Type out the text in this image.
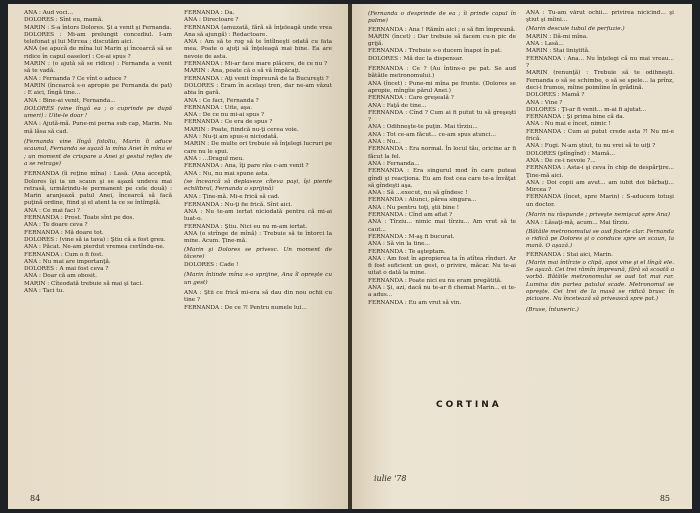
ANA : Aud voci...

DOLORES : Sînt eu, mamă.

MARIN : S-a întors Dolores. Şi a venit şi Fernanda.

DOLORES : Mi-am prelungit concediul. I-am telefonat şi lui Mircea ; discutăm aici.

ANA (se apucă de mîna lui Marin şi încearcă să se ridice în capul oaselor) : Ce-ai spus ?

MARIN : (o ajută să se ridice) : Fernanda a venit să te vadă.

ANA : Fernanda ? Ce vînt o aduce ?

MARIN (încearcă s-o apropie pe Fernanda de pat) : E aici, lîngă tine...

ANA : Bine-ai venit, Fernanda...

DOLORES (vine lîngă ea ; o cuprinde pe după umeri) : Uite-le doar !

ANA : Ajută-mă. Pune-mi perna sub cap, Marin. Nu mă lăsa să cad.

(Fernanda vine lîngă fotoliu, Marin îi aduce scaunul, Fernanda se aşază la mîna Anei în mîna ei ; un moment de crispare a Anei şi gestul reflex de a se retrage)

FERNANDA (îi reţine mîna) : Lasă. (Ana acceptă, Dolores îşi ia un scaun şi se aşază undeva mai retrasă, urmărindu-le permanent pe cele două) : Marin aranjează patul Anei, încearcă să facă puţină ordine, fiind şi el atent la ce se întîmplă.

ANA : Ce mai faci ?

FERNANDA : Prost. Toate sînt pe dos.

ANA : Te doare ceva ?

FERNANDA : Mă doare tot.

DOLORES : (vine să ia tava) : Ştiu că a fost greu.

ANA : Păcat. Ne-am pierdut vremea certîndu-ne.

FERNANDA : Cum o fi fost.

ANA : Nu mai are importanţă.

DOLORES : A mai fost ceva ?

ANA : Doar că am obosit.

MARIN : Cîteodată trebuie să mai şi taci.

ANA : Taci tu.

FERNANDA : Da.

ANA : Directoare ?

FERNANDA (amuzată, fără să înţeleagă unde vrea Ana să ajungă) : Redactoare.

ANA : Am să te rog să te întîlneşti odată cu fata mea. Poate o ajuţi să înţeleagă mai bine. Ea are nevoie de asta.

FERNANDA : Mi-ar face mare plăcere, de ce nu ?

MARIN : Ana, poate că o să vă împăcaţi.

FERNANDA : Aţi venit împreună de la Bucureşti ?

DOLORES : Eram în acelaşi tren, dar ne-am văzut abia în gară.

ANA : Ce faci, Fernanda ?

FERNANDA : Uite, aşa.

ANA : De ce nu mi-ai spus ?

FERNANDA : Ce era de spus ?

MARIN : Poate, fiindcă nu-ţi cerea voie.

ANA : Nu-ţi am spus-o niciodată.

MARIN : De multe ori trebuie să înţelegi lucruri pe care nu le spui.

ANA : ...Dragul meu.

FERNANDA : Ana, îţi pare rău c-am venit ?

ANA : Nu, nu mai spune asta.

(se încearcă să deplaseze cîteva paşi, îşi pierde echilibrul, Fernanda o sprijină)

ANA : Ţine-mă. Mi-e frică să cad.

FERNANDA : Nu-ţi fie frică. Sînt aici.

ANA : Nu te-am iertat niciodată pentru că mi-ai luat-o.

FERNANDA : Ştiu. Nici eu nu m-am iertat.

ANA (o strînge de mînă) : Trebuie să te întorci la mine. Acum. Ţine-mă.

(Marin şi Dolores se privesc. Un moment de tăcere)

DOLORES : Cade !

(Marin întinde mîna s-o sprijine, Ana îl opreşte cu un gest)

ANA : Ştii ce frică mi-era să dau din nou ochii cu tine ?

FERNANDA : De ce ?! Pentru numele lui...

84

(Fernanda o desprinde de ea ; îi prinde capul în palme)

FERNANDA : Ana ! Rămîn aici ; o să fim împreună.

MARIN (încet) : Dar trebuie să facem cu-n pic de grijă.

FERNANDA : Trebuie s-o ducem înapoi în pat.

DOLORES : Mă duc la dispensar.

FERNANDA : Ce ? (Au întins-o pe pat. Se aud bătăile metronomului.)

ANA (încet) : Pune-mi mîna pe frunte. (Dolores se apropie, mîngîie părul Anei.)

FERNANDA : Care greşeală ?

ANA : Faţă de tine...

FERNANDA : Cînd ? Cum ai fi putut tu să greşeşti ?

ANA : Odihneşte-te puţin. Mai tîrziu...

ANA : Tot ce-am făcut... ce-am spus atunci...

ANA : Nu...

FERNANDA : Era normal. În locul tău, oricine ar fi făcut la fel.

ANA : Fernanda...

FERNANDA : Era singurul mod în care puteai gîndi şi reacţiona. Eu am fost cea care te-a învăţat să gîndeşti aşa.

ANA : Să ...execut, nu să gîndesc !

FERNANDA : Atunci, părea singura...

ANA : Nu pentru toţi, ştii bine !

FERNANDA : Cînd am aflat ?

ANA : Tîrziu... nimic mai tîrziu... Am vrut să te caut...

FERNANDA : M-aş fi bucurat.

ANA : Să vin la tine...

FERNANDA : Te aşteptam.

ANA : Am fost în apropierea ta în atîtea rînduri. Ar fi fost suficient un gest, o privire, măcar. Nu te-ai uitat o dată la mine.

FERNANDA : Poate nici eu nu eram pregătită.

ANA : Şi, azi, dacă nu te-ar fi chemat Marin... ei te-a adus...

FERNANDA : Eu am vrut să vin.

ANA : Tu-am vărut ochii... privirea nicicînd... şi ştiut şi mîini...

(Marin descuie tubul de perfuzie.)

MARIN : Dă-mi mîna.

ANA : Lasă...

MARIN : Stai liniştită.

FERNANDA : Ana... Nu înţelegi că nu mai vreau... ?

MARIN (renunţă) : Trebuie să te odihneşti. Fernanda o să se schimbe, o să se spele... la prînz, deci-i frumos, mîine poimîine în grădină.

DOLORES : Mamă ?

ANA : Vine ?

DOLORES : Ţi-ar fi venit... m-ai fi ajutat...

FERNANDA : Şi prima bine că da.

ANA : Nu mai e încet, nimic !

FERNANDA : Cum ai putut crede asta ?! Nu mi-e frică.

ANA : Fugi. N-am ştiut, tu nu vrei să te uiţi ?

DOLORES (plîngînd) : Mamă...

ANA : De ce-i nevoie ?...

FERNANDA : Asta-i şi ceva în chip de despărţire... Ţine-mă aici.

ANA : Doi copii am avut... am iubit doi bărbaţi... Mircea ?

FERNANDA (încet, spre Marin) : S-aducem totuşi un doctor.

(Marin nu răspunde ; priveşte nemişcat spre Ana)

ANA : Lăsaţi-mă, acum... Mai tîrziu.

(Bătăile metronomului se aud foarte clar. Fernanda o ridică pe Dolores şi o conduce spre un scaun, la mană. O aşază.)

FERNANDA : Stai aici, Marin.

(Marin mai întîrzie o clipă, apoi vine şi el lîngă ele. Se aşază. Cei trei rămîn împreună, fără să scoată o vorbă. Bătăile metronomului se aud tot mai rar. Lumina din partea patului scade. Metronomul se opreşte. Cei trei de la masă se ridică brusc în picioare. Nu încetează să privească spre pat.)

(Bruse, întuneric.)

CORTINA
iulie '78
85
